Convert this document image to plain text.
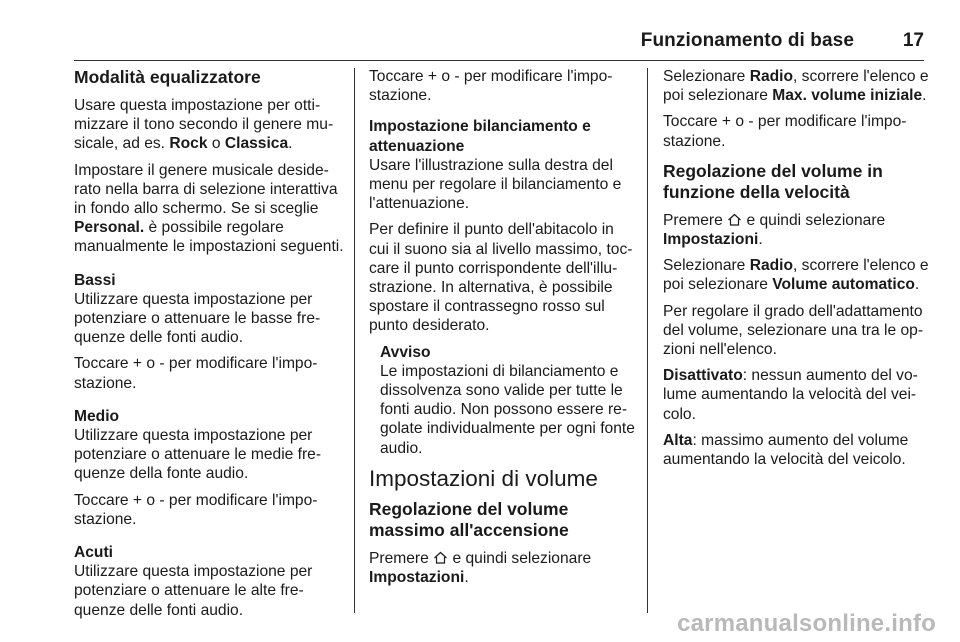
Funzionamento di base	17
Modalità equalizzatore

Usare questa impostazione per ottimizzare il tono secondo il genere musicale, ad es. Rock o Classica.

Impostare il genere musicale desiderato nella barra di selezione interattiva in fondo allo schermo. Se si sceglie Personal. è possibile regolare manualmente le impostazioni seguenti.

Bassi

Utilizzare questa impostazione per potenziare o attenuare le basse frequenze delle fonti audio.

Toccare + o - per modificare l'impostazione.

Medio

Utilizzare questa impostazione per potenziare o attenuare le medie frequenze della fonte audio.

Toccare + o - per modificare l'impostazione.

Acuti

Utilizzare questa impostazione per potenziare o attenuare le alte frequenze delle fonti audio.

Toccare + o - per modificare l'impostazione.

Impostazione bilanciamento e attenuazione

Usare l'illustrazione sulla destra del menu per regolare il bilanciamento e l'attenuazione.

Per definire il punto dell'abitacolo in cui il suono sia al livello massimo, toccare il punto corrispondente dell'illustrazione. In alternativa, è possibile spostare il contrassegno rosso sul punto desiderato.

Avviso
Le impostazioni di bilanciamento e dissolvenza sono valide per tutte le fonti audio. Non possono essere regolate individualmente per ogni fonte audio.
Impostazioni di volume
Regolazione del volume massimo all'accensione

Premere  e quindi selezionare Impostazioni.

Selezionare Radio, scorrere l'elenco e poi selezionare Max. volume iniziale.

Toccare + o - per modificare l'impostazione.

Regolazione del volume in funzione della velocità

Premere  e quindi selezionare Impostazioni.

Selezionare Radio, scorrere l'elenco e poi selezionare Volume automatico.

Per regolare il grado dell'adattamento del volume, selezionare una tra le opzioni nell'elenco.

Disattivato: nessun aumento del volume aumentando la velocità del veicolo.

Alta: massimo aumento del volume aumentando la velocità del veicolo.

carmanualsonline.info
